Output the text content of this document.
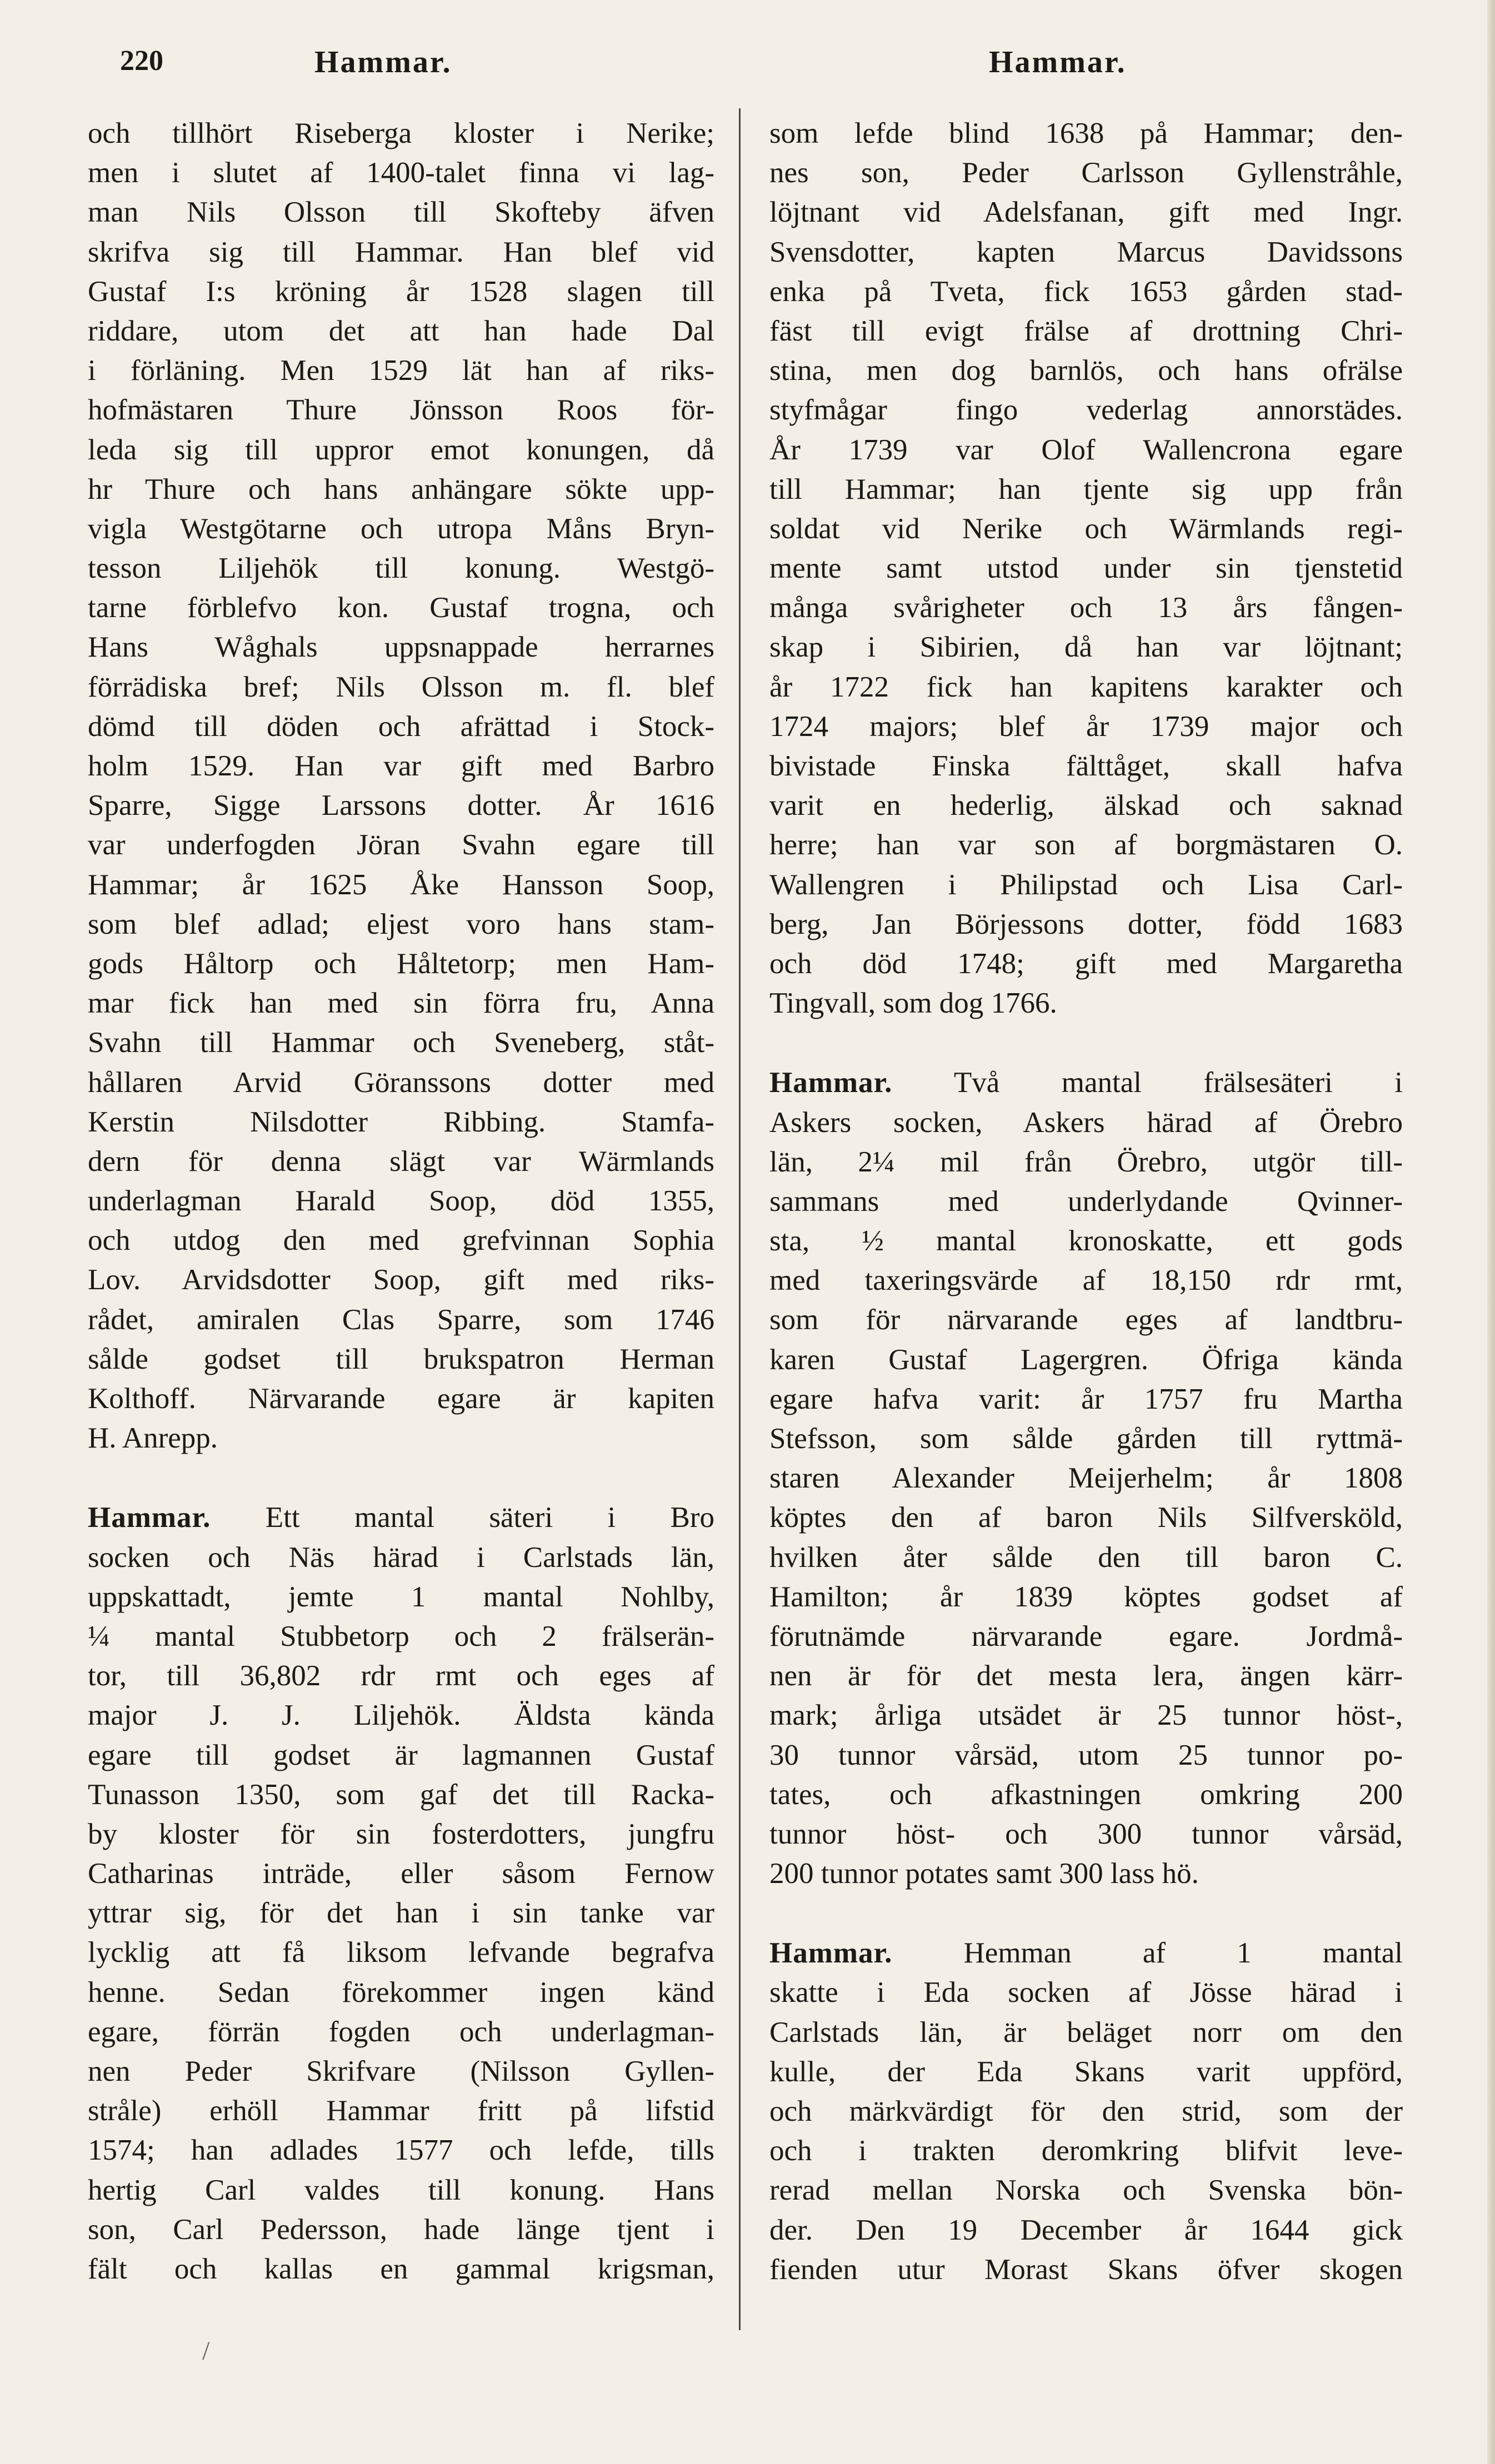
220	Hammar.	Hammar.
och tillhört Riseberga kloster i Nerike;
men i slutet af 1400-talet finna vi lag-
man Nils Olsson till Skofteby äfven
skrifva sig till Hammar. Han blef vid
Gustaf I:s kröning år 1528 slagen till
riddare, utom det att han hade Dal
i förläning. Men 1529 lät han af riks-
hofmästaren Thure Jönsson Roos för-
leda sig till uppror emot konungen, då
hr Thure och hans anhängare sökte upp-
vigla Westgötarne och utropa Måns Bryn-
tesson Liljehök till konung. Westgö-
tarne förblefvo kon. Gustaf trogna, och
Hans Wåghals uppsnappade herrarnes
förrädiska bref; Nils Olsson m. fl. blef
dömd till döden och afrättad i Stock-
holm 1529. Han var gift med Barbro
Sparre, Sigge Larssons dotter. År 1616
var underfogden Jöran Svahn egare till
Hammar; år 1625 Åke Hansson Soop,
som blef adlad; eljest voro hans stam-
gods Håltorp och Håltetorp; men Ham-
mar fick han med sin förra fru, Anna
Svahn till Hammar och Sveneberg, ståt-
hållaren Arvid Göranssons dotter med
Kerstin Nilsdotter Ribbing. Stamfa-
dern för denna slägt var Wärmlands
underlagman Harald Soop, död 1355,
och utdog den med grefvinnan Sophia
Lov. Arvidsdotter Soop, gift med riks-
rådet, amiralen Clas Sparre, som 1746
sålde godset till brukspatron Herman
Kolthoff. Närvarande egare är kapiten
H. Anrepp.
Hammar. Ett mantal säteri i Bro
socken och Näs härad i Carlstads län,
uppskattadt, jemte 1 mantal Nohlby,
¼ mantal Stubbetorp och 2 frälserän-
tor, till 36,802 rdr rmt och eges af
major J. J. Liljehök. Äldsta kända
egare till godset är lagmannen Gustaf
Tunasson 1350, som gaf det till Racka-
by kloster för sin fosterdotters, jungfru
Catharinas inträde, eller såsom Fernow
yttrar sig, för det han i sin tanke var
lycklig att få liksom lefvande begrafva
henne. Sedan förekommer ingen känd
egare, förrän fogden och underlagman-
nen Peder Skrifvare (Nilsson Gyllen-
stråle) erhöll Hammar fritt på lifstid
1574; han adlades 1577 och lefde, tills
hertig Carl valdes till konung. Hans
son, Carl Pedersson, hade länge tjent i
fält och kallas en gammal krigsman,
som lefde blind 1638 på Hammar; den-
nes son, Peder Carlsson Gyllenstråhle,
löjtnant vid Adelsfanan, gift med Ingr.
Svensdotter, kapten Marcus Davidssons
enka på Tveta, fick 1653 gården stad-
fäst till evigt frälse af drottning Chri-
stina, men dog barnlös, och hans ofrälse
styfmågar fingo vederlag annorstädes.
År 1739 var Olof Wallencrona egare
till Hammar; han tjente sig upp från
soldat vid Nerike och Wärmlands regi-
mente samt utstod under sin tjenstetid
många svårigheter och 13 års fången-
skap i Sibirien, då han var löjtnant;
år 1722 fick han kapitens karakter och
1724 majors; blef år 1739 major och
bivistade Finska fälttåget, skall hafva
varit en hederlig, älskad och saknad
herre; han var son af borgmästaren O.
Wallengren i Philipstad och Lisa Carl-
berg, Jan Börjessons dotter, född 1683
och död 1748; gift med Margaretha
Tingvall, som dog 1766.
Hammar. Två mantal frälsesäteri i
Askers socken, Askers härad af Örebro
län, 2¼ mil från Örebro, utgör till-
sammans med underlydande Qvinner-
sta, ½ mantal kronoskatte, ett gods
med taxeringsvärde af 18,150 rdr rmt,
som för närvarande eges af landtbru-
karen Gustaf Lagergren. Öfriga kända
egare hafva varit: år 1757 fru Martha
Stefsson, som sålde gården till ryttmä-
staren Alexander Meijerhelm; år 1808
köptes den af baron Nils Silfversköld,
hvilken åter sålde den till baron C.
Hamilton; år 1839 köptes godset af
förutnämde närvarande egare. Jordmå-
nen är för det mesta lera, ängen kärr-
mark; årliga utsädet är 25 tunnor höst-,
30 tunnor vårsäd, utom 25 tunnor po-
tates, och afkastningen omkring 200
tunnor höst- och 300 tunnor vårsäd,
200 tunnor potates samt 300 lass hö.
Hammar. Hemman af 1 mantal
skatte i Eda socken af Jösse härad i
Carlstads län, är beläget norr om den
kulle, der Eda Skans varit uppförd,
och märkvärdigt för den strid, som der
och i trakten deromkring blifvit leve-
rerad mellan Norska och Svenska bön-
der. Den 19 December år 1644 gick
fienden utur Morast Skans öfver skogen
/
